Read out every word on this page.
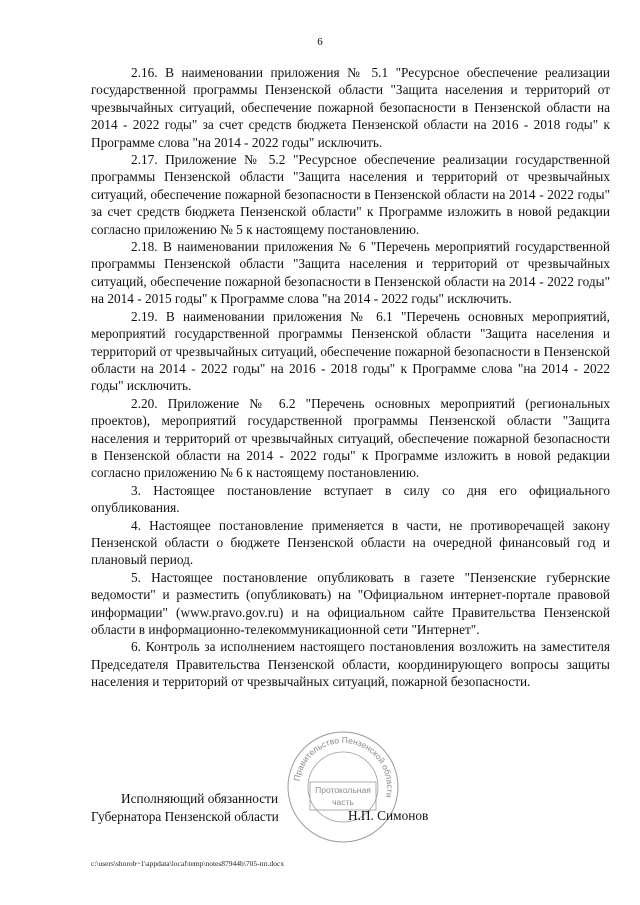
6

2.16. В наименовании приложения № 5.1 "Ресурсное обеспечение реализации государственной программы Пензенской области "Защита населения и территорий от чрезвычайных ситуаций, обеспечение пожарной безопасности в Пензенской области на 2014 - 2022 годы" за счет средств бюджета Пензенской области на 2016 - 2018 годы" к Программе слова "на 2014 - 2022 годы" исключить.

2.17. Приложение № 5.2 "Ресурсное обеспечение реализации государственной программы Пензенской области "Защита населения и территорий от чрезвычайных ситуаций, обеспечение пожарной безопасности в Пензенской области на 2014 - 2022 годы" за счет средств бюджета Пензенской области" к Программе изложить в новой редакции согласно приложению № 5 к настоящему постановлению.

2.18. В наименовании приложения № 6 "Перечень мероприятий государственной программы Пензенской области "Защита населения и территорий от чрезвычайных ситуаций, обеспечение пожарной безопасности в Пензенской области на 2014 - 2022 годы" на 2014 - 2015 годы" к Программе слова "на 2014 - 2022 годы" исключить.

2.19. В наименовании приложения № 6.1 "Перечень основных мероприятий, мероприятий государственной программы Пензенской области "Защита населения и территорий от чрезвычайных ситуаций, обеспечение пожарной безопасности в Пензенской области на 2014 - 2022 годы" на 2016 - 2018 годы" к Программе слова "на 2014 - 2022 годы" исключить.

2.20. Приложение № 6.2 "Перечень основных мероприятий (региональных проектов), мероприятий государственной программы Пензенской области "Защита населения и территорий от чрезвычайных ситуаций, обеспечение пожарной безопасности в Пензенской области на 2014 - 2022 годы" к Программе изложить в новой редакции согласно приложению № 6 к настоящему постановлению.

3. Настоящее постановление вступает в силу со дня его официального опубликования.

4. Настоящее постановление применяется в части, не противоречащей закону Пензенской области о бюджете Пензенской области на очередной финансовый год и плановый период.

5. Настоящее постановление опубликовать в газете "Пензенские губернские ведомости" и разместить (опубликовать) на "Официальном интернет-портале правовой информации" (www.pravo.gov.ru) и на официальном сайте Правительства Пензенской области в информационно-телекоммуникационной сети "Интернет".

6. Контроль за исполнением настоящего постановления возложить на заместителя Председателя Правительства Пензенской области, координирующего вопросы защиты населения и территорий от чрезвычайных ситуаций, пожарной безопасности.

Правительство Пензенской области
Протокольная
часть
Исполняющий обязанности
Губернатора Пензенской области	Н.П. Симонов
c:\users\shorob~1\appdata\local\temp\notes87944b\705-пп.docx
